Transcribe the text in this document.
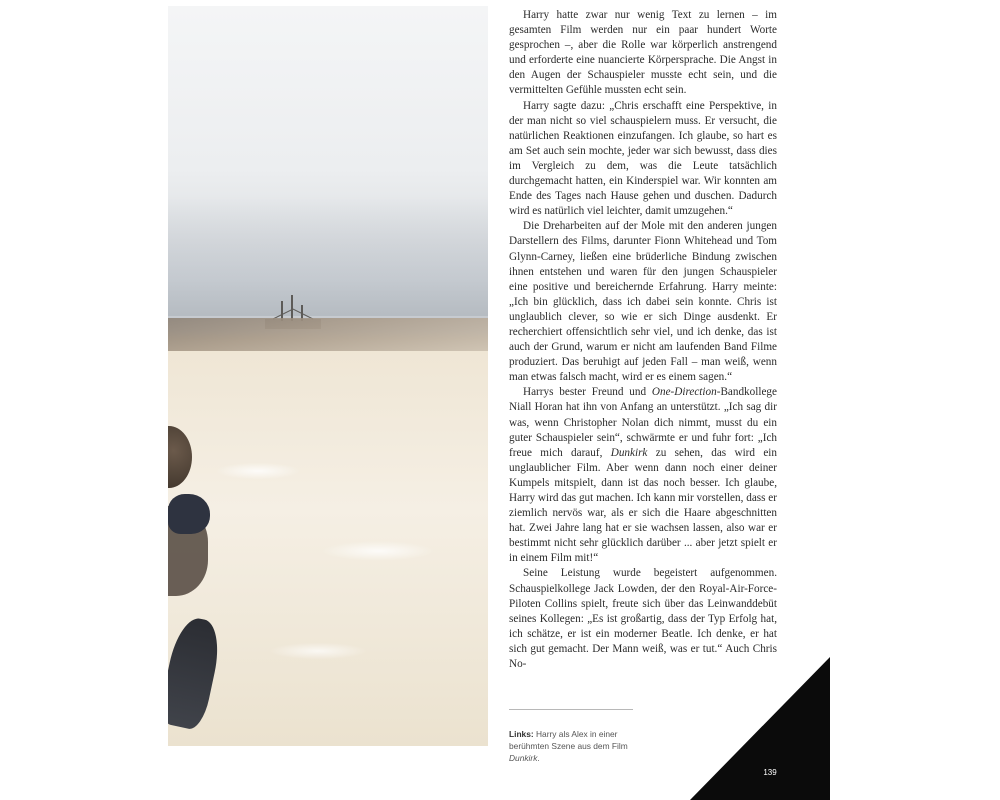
Harry hatte zwar nur wenig Text zu lernen – im gesamten Film werden nur ein paar hundert Worte gesprochen –, aber die Rolle war körperlich anstrengend und erforderte eine nuancierte Körpersprache. Die Angst in den Augen der Schauspieler musste echt sein, und die vermittelten Gefühle mussten echt sein.

Harry sagte dazu: „Chris erschafft eine Perspektive, in der man nicht so viel schauspielern muss. Er versucht, die natürlichen Reaktionen einzufangen. Ich glaube, so hart es am Set auch sein mochte, jeder war sich bewusst, dass dies im Vergleich zu dem, was die Leute tatsächlich durchgemacht hatten, ein Kinderspiel war. Wir konnten am Ende des Tages nach Hause gehen und duschen. Dadurch wird es natürlich viel leichter, damit umzugehen.“

Die Dreharbeiten auf der Mole mit den anderen jungen Darstellern des Films, darunter Fionn Whitehead und Tom Glynn-Carney, ließen eine brüderliche Bindung zwischen ihnen entstehen und waren für den jungen Schauspieler eine positive und bereichernde Erfahrung. Harry meinte: „Ich bin glücklich, dass ich dabei sein konnte. Chris ist unglaublich clever, so wie er sich Dinge ausdenkt. Er recherchiert offensichtlich sehr viel, und ich denke, das ist auch der Grund, warum er nicht am laufenden Band Filme produziert. Das beruhigt auf jeden Fall – man weiß, wenn man etwas falsch macht, wird er es einem sagen.“

Harrys bester Freund und One-Direction-Bandkollege Niall Horan hat ihn von Anfang an unterstützt. „Ich sag dir was, wenn Christopher Nolan dich nimmt, musst du ein guter Schauspieler sein“, schwärmte er und fuhr fort: „Ich freue mich darauf, Dunkirk zu sehen, das wird ein unglaublicher Film. Aber wenn dann noch einer deiner Kumpels mitspielt, dann ist das noch besser. Ich glaube, Harry wird das gut machen. Ich kann mir vorstellen, dass er ziemlich nervös war, als er sich die Haare abgeschnitten hat. Zwei Jahre lang hat er sie wachsen lassen, also war er bestimmt nicht sehr glücklich darüber ... aber jetzt spielt er in einem Film mit!“

Seine Leistung wurde begeistert aufgenommen. Schauspielkollege Jack Lowden, der den Royal-Air-Force-Piloten Collins spielt, freute sich über das Leinwanddebüt seines Kollegen: „Es ist großartig, dass der Typ Erfolg hat, ich schätze, er ist ein moderner Beatle. Ich denke, er hat sich gut gemacht. Der Mann weiß, was er tut.“ Auch Chris No-

Links: Harry als Alex in einer berühmten Szene aus dem Film Dunkirk.
139
